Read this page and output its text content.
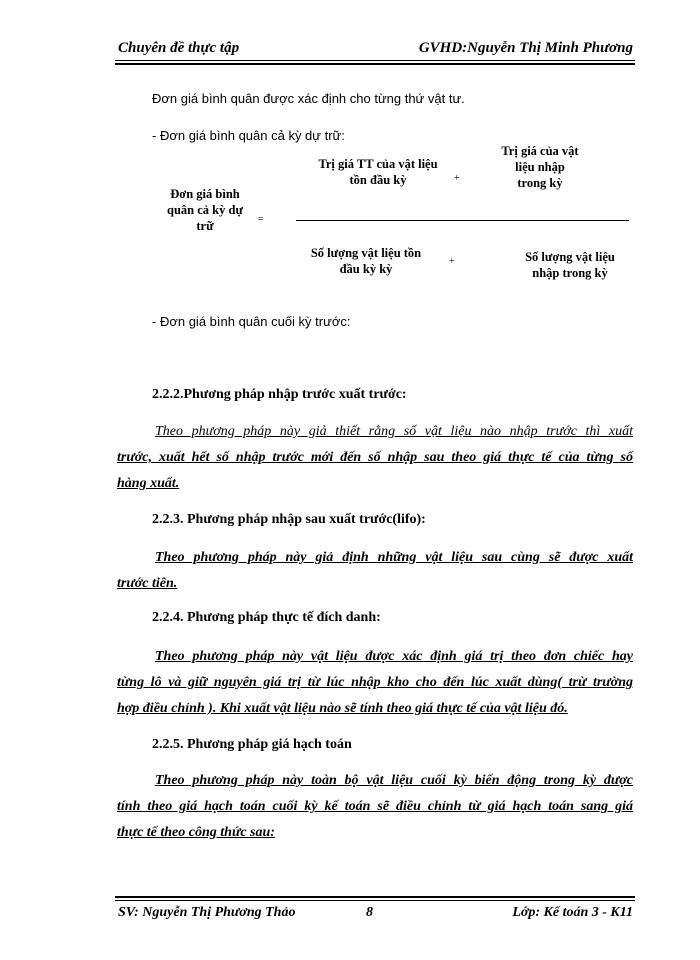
Chuyên đề thực tập	GVHD:Nguyễn Thị Minh Phương
Đơn giá bình quân được xác định cho từng thứ vật tư.
- Đơn giá bình quân cả kỳ dự trữ:
Đơn giá bình quân cả kỳ dự trữ	=
Trị giá TT của vật liệu tồn đầu kỳ	+
Trị giá của vật liệu nhập trong kỳ
Số lượng vật liệu tồn đầu kỳ kỳ
+	Số lượng vật liệu nhập trong kỳ
- Đơn giá bình quân cuối kỳ trước:
2.2.2.Phương pháp nhập trước xuất trước:
Theo phương pháp này giả thiết rằng số vật liệu nào nhập trước thì xuất
trước, xuất hết số nhập trước mới đến số nhập sau theo giá thực tế của từng số
hàng xuất.
2.2.3. Phương pháp nhập sau xuất trước(lifo):
Theo phương pháp này giả định những vật liệu sau cùng sẽ được xuất
trước tiên.
2.2.4. Phương pháp thực tế đích danh:
Theo phương pháp này vật liệu được xác định giá trị theo đơn chiếc hay
từng lô và giữ nguyên giá trị từ lúc nhập kho cho đến lúc xuất dùng( trừ trường
hợp điều chỉnh ). Khi xuất vật liệu nào sẽ tính theo giá thực tế của vật liệu đó.
2.2.5. Phương pháp giá hạch toán
Theo phương pháp này toàn bộ vật liệu cuối kỳ biến động trong kỳ được
tính theo giá hạch toán cuối kỳ kế toán sẽ điều chỉnh từ giá hạch toán sang giá
thực tế theo công thức sau:
SV: Nguyễn Thị Phương Thảo	8	Lớp: Kế toán 3 - K11
